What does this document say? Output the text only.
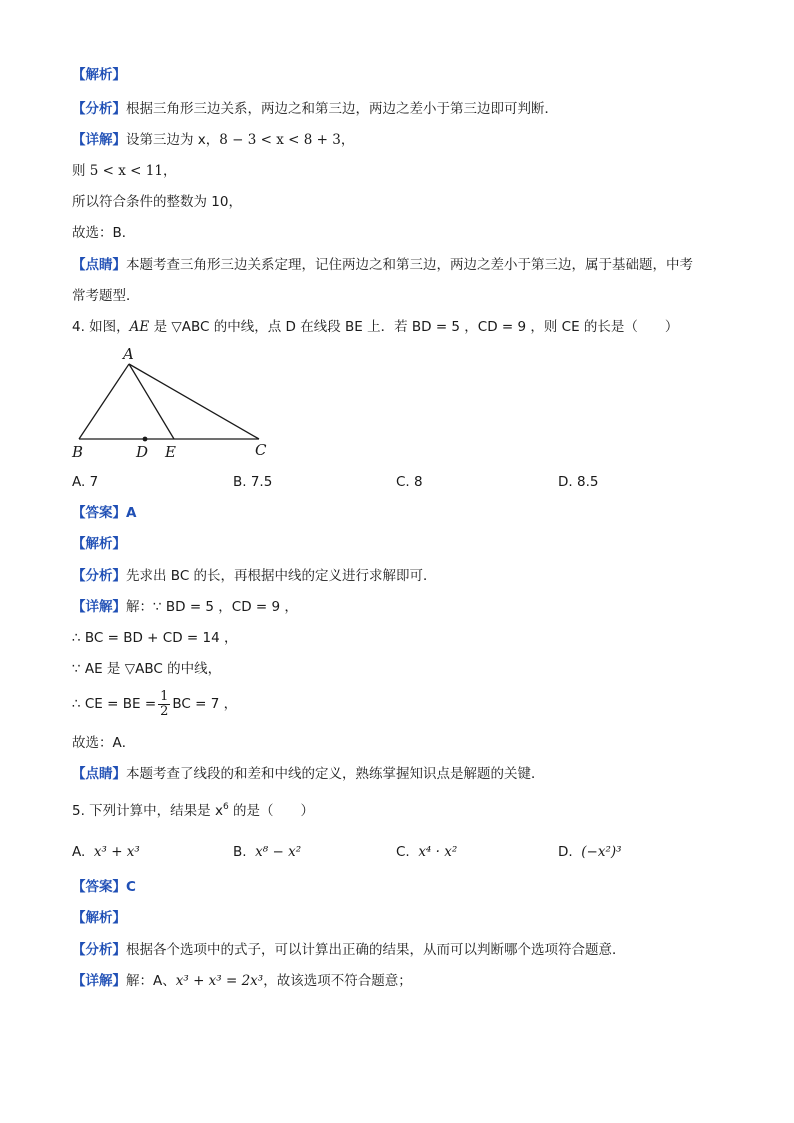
【解析】
【分析】根据三角形三边关系，两边之和第三边，两边之差小于第三边即可判断．
【详解】设第三边为 x，8 − 3 < x < 8 + 3，
则 5 < x < 11，
所以符合条件的整数为 10，
故选：B．
【点睛】本题考查三角形三边关系定理，记住两边之和第三边，两边之差小于第三边，属于基础题，中考
常考题型．
4. 如图，AE 是 ▽ABC 的中线，点 D 在线段 BE 上．若 BD = 5 ，CD = 9 ，则 CE 的长是（　　）
A
B	D E	C
A. 7	B. 7.5	C. 8	D. 8.5
【答案】A
【解析】
【分析】先求出 BC 的长，再根据中线的定义进行求解即可．
【详解】解：∵ BD = 5 ，CD = 9 ，
∴ BC = BD + CD = 14 ，
∵ AE 是 ▽ABC 的中线，
∴ CE = BE = $\frac{1}{2}$ BC = 7 ，
故选：A．
【点睛】本题考查了线段的和差和中线的定义，熟练掌握知识点是解题的关键．
5. 下列计算中，结果是 $x^6$ 的是（　　）
A. x³ + x³	B. x⁸ − x²	C. x⁴ · x²	D. (−x²)³
【答案】C
【解析】
【分析】根据各个选项中的式子，可以计算出正确的结果，从而可以判断哪个选项符合题意．
【详解】解：A、x³ + x³ = 2x³，故该选项不符合题意；
